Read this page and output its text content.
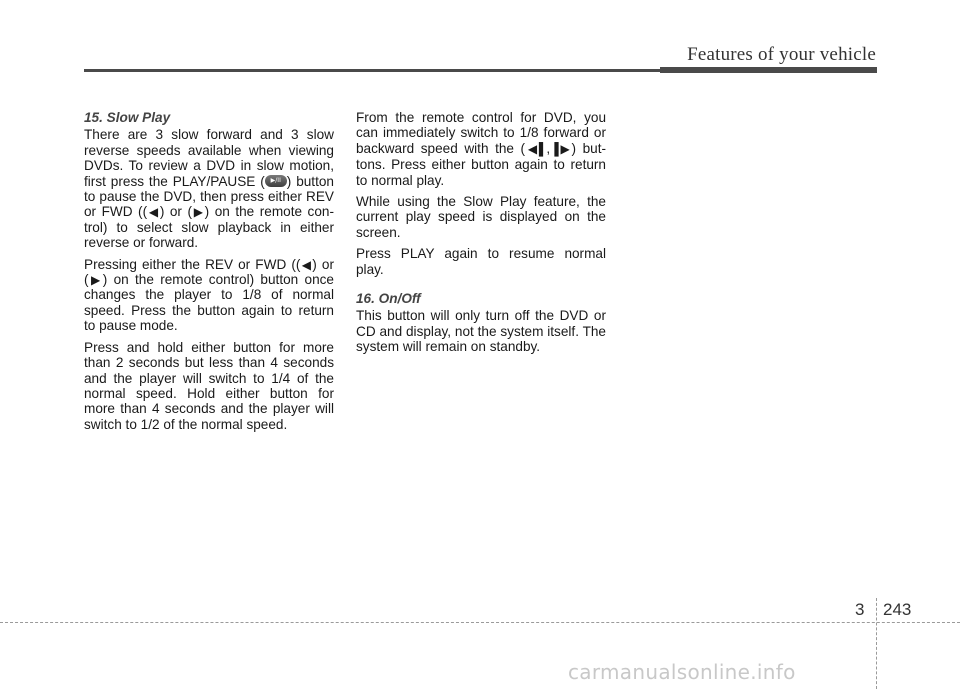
Features of your vehicle
15. Slow Play

There are 3 slow forward and 3 slow reverse speeds available when viewing DVDs. To review a DVD in slow motion, first press the PLAY/PAUSE ( ▶/II ) button to pause the DVD, then press either REV or FWD ((◀) or (▶) on the remote con-trol) to select slow playback in either reverse or forward.

Pressing either the REV or FWD ((◀) or (▶) on the remote control) button once changes the player to 1/8 of normal speed. Press the button again to return to pause mode.

Press and hold either button for more than 2 seconds but less than 4 seconds and the player will switch to 1/4 of the normal speed. Hold either button for more than 4 seconds and the player will switch to 1/2 of the normal speed.

From the remote control for DVD, you can immediately switch to 1/8 forward or backward speed with the (◀▌,▐▶) but-tons. Press either button again to return to normal play.

While using the Slow Play feature, the current play speed is displayed on the screen.

Press PLAY again to resume normal play.

16. On/Off

This button will only turn off the DVD or CD and display, not the system itself. The system will remain on standby.

3 243
carmanualsonline.info
